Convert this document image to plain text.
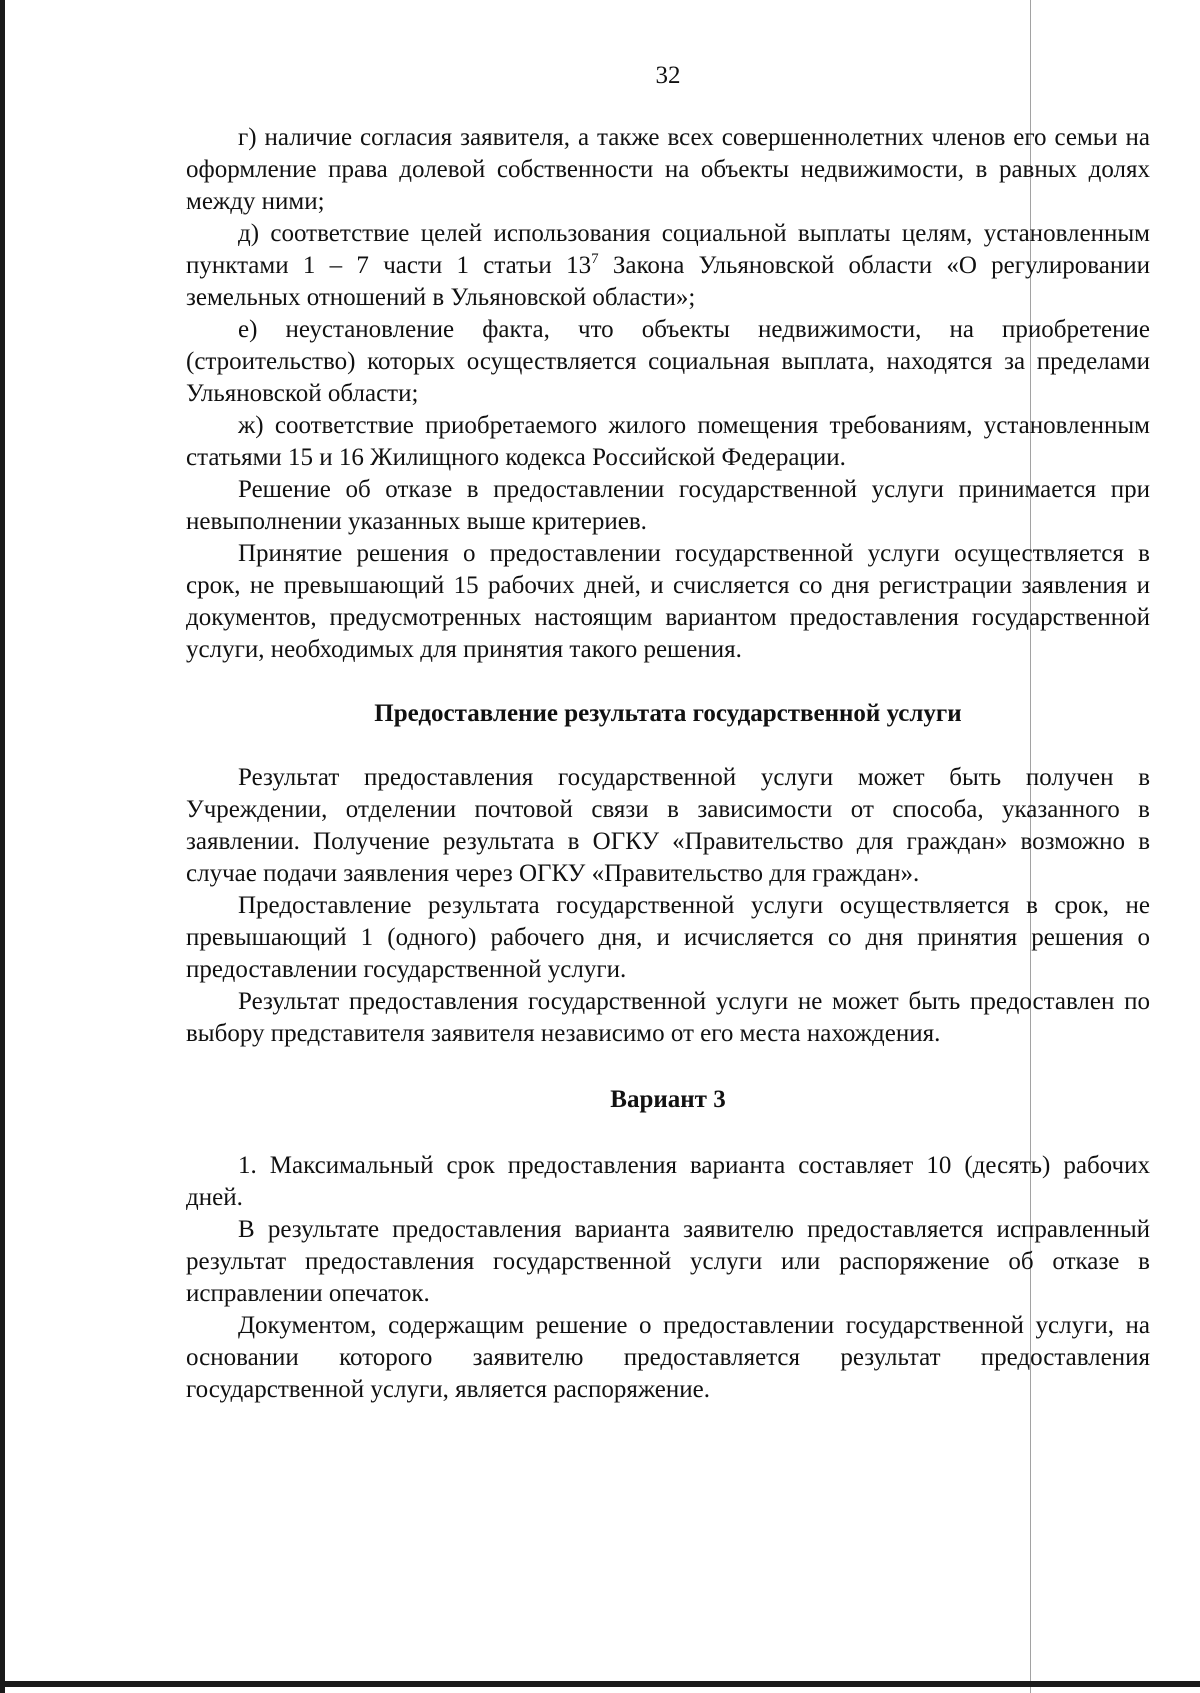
32

г) наличие согласия заявителя, а также всех совершеннолетних членов его семьи на оформление права долевой собственности на объекты недвижимости, в равных долях между ними;

д) соответствие целей использования социальной выплаты целям, установленным пунктами 1 – 7 части 1 статьи $13^7$ Закона Ульяновской области «О регулировании земельных отношений в Ульяновской области»;

е) неустановление факта, что объекты недвижимости, на приобретение (строительство) которых осуществляется социальная выплата, находятся за пределами Ульяновской области;

ж) соответствие приобретаемого жилого помещения требованиям, установленным статьями 15 и 16 Жилищного кодекса Российской Федерации.

Решение об отказе в предоставлении государственной услуги принимается при невыполнении указанных выше критериев.

Принятие решения о предоставлении государственной услуги осуществляется в срок, не превышающий 15 рабочих дней, и счисляется со дня регистрации заявления и документов, предусмотренных настоящим вариантом предоставления государственной услуги, необходимых для принятия такого решения.

Предоставление результата государственной услуги

Результат предоставления государственной услуги может быть получен в Учреждении, отделении почтовой связи в зависимости от способа, указанного в заявлении. Получение результата в ОГКУ «Правительство для граждан» возможно в случае подачи заявления через ОГКУ «Правительство для граждан».

Предоставление результата государственной услуги осуществляется в срок, не превышающий 1 (одного) рабочего дня, и исчисляется со дня принятия решения о предоставлении государственной услуги.

Результат предоставления государственной услуги не может быть предоставлен по выбору представителя заявителя независимо от его места нахождения.

Вариант 3

1. Максимальный срок предоставления варианта составляет 10 (десять) рабочих дней.

В результате предоставления варианта заявителю предоставляется исправленный результат предоставления государственной услуги или распоряжение об отказе в исправлении опечаток.

Документом, содержащим решение о предоставлении государственной услуги, на основании которого заявителю предоставляется результат предоставления государственной услуги, является распоряжение.
